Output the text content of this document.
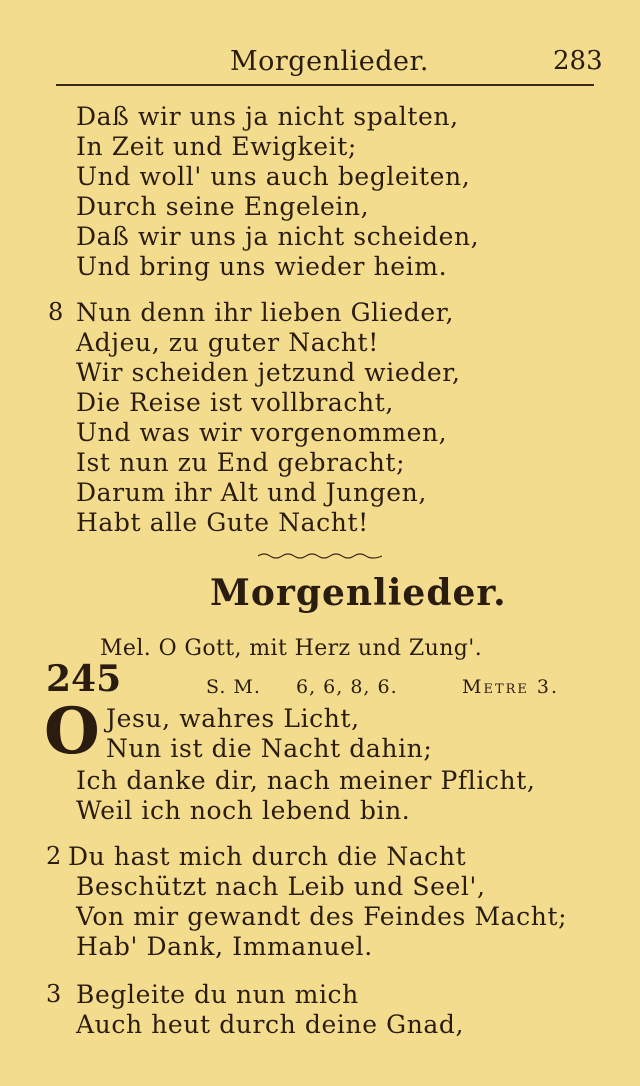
Morgenlieder.	283
Daß wir uns ja nicht spalten,
In Zeit und Ewigkeit;
Und woll' uns auch begleiten,
Durch seine Engelein,
Daß wir uns ja nicht scheiden,
Und bring uns wieder heim.
8 Nun denn ihr lieben Glieder,
Adjeu, zu guter Nacht!
Wir scheiden jetzund wieder,
Die Reise ist vollbracht,
Und was wir vorgenommen,
Ist nun zu End gebracht;
Darum ihr Alt und Jungen,
Habt alle Gute Nacht!
Morgenlieder.
Mel. O Gott, mit Herz und Zung'.
245	S. M. 6, 6, 8, 6.	Metre 3.
O Jesu, wahres Licht,
Nun ist die Nacht dahin;
Ich danke dir, nach meiner Pflicht,
Weil ich noch lebend bin.
2 Du hast mich durch die Nacht
Beschützt nach Leib und Seel',
Von mir gewandt des Feindes Macht;
Hab' Dank, Immanuel.
3 Begleite du nun mich
Auch heut durch deine Gnad,
